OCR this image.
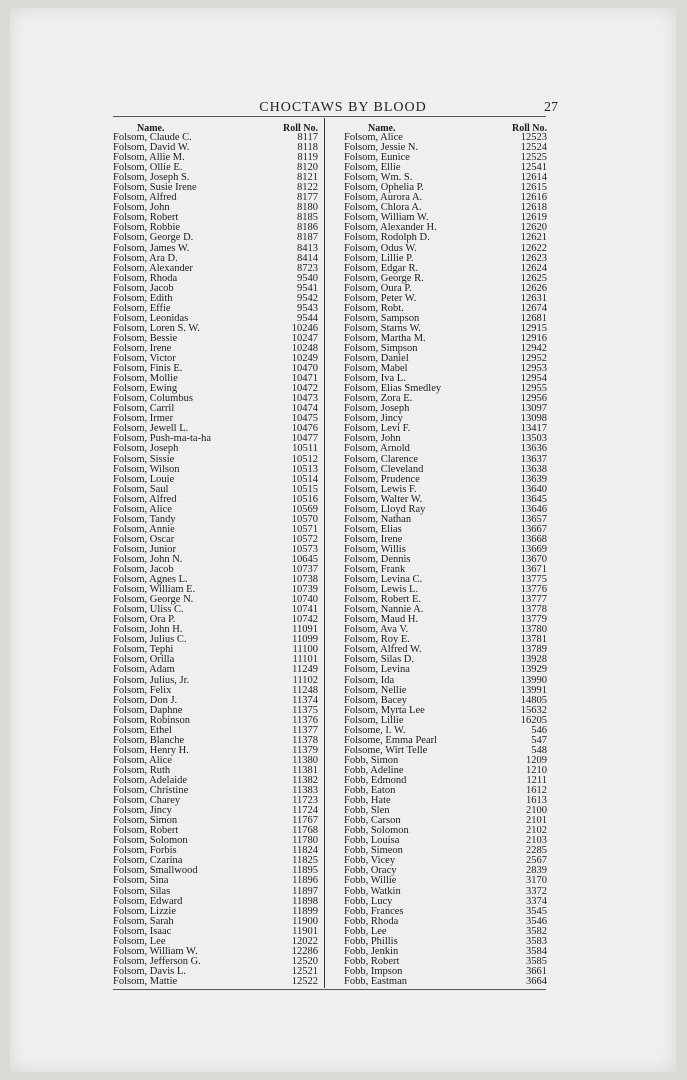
CHOCTAWS BY BLOOD	27
Name.	Roll No.
Folsom, Claude C.	8117
Folsom, David W.	8118
Folsom, Allie M.	8119
Folsom, Ollie E.	8120
Folsom, Joseph S.	8121
Folsom, Susie Irene	8122
Folsom, Alfred	8177
Folsom, John	8180
Folsom, Robert	8185
Folsom, Robbie	8186
Folsom, George D.	8187
Folsom, James W.	8413
Folsom, Ara D.	8414
Folsom, Alexander	8723
Folsom, Rhoda	9540
Folsom, Jacob	9541
Folsom, Edith	9542
Folsom, Effie	9543
Folsom, Leonidas	9544
Folsom, Loren S. W.	10246
Folsom, Bessie	10247
Folsom, Irene	10248
Folsom, Victor	10249
Folsom, Finis E.	10470
Folsom, Mollie	10471
Folsom, Ewing	10472
Folsom, Columbus	10473
Folsom, Carril	10474
Folsom, Irmer	10475
Folsom, Jewell L.	10476
Folsom, Push-ma-ta-ha	10477
Folsom, Joseph	10511
Folsom, Sissie	10512
Folsom, Wilson	10513
Folsom, Louie	10514
Folsom, Saul	10515
Folsom, Alfred	10516
Folsom, Alice	10569
Folsom, Tandy	10570
Folsom, Annie	10571
Folsom, Oscar	10572
Folsom, Junior	10573
Folsom, John N.	10645
Folsom, Jacob	10737
Folsom, Agnes L.	10738
Folsom, William E.	10739
Folsom, George N.	10740
Folsom, Uliss C.	10741
Folsom, Ora P.	10742
Folsom, John H.	11091
Folsom, Julius C.	11099
Folsom, Tephi	11100
Folsom, Orilla	11101
Folsom, Adam	11249
Folsom, Julius, Jr.	11102
Folsom, Felix	11248
Folsom, Don J.	11374
Folsom, Daphne	11375
Folsom, Robinson	11376
Folsom, Ethel	11377
Folsom, Blanche	11378
Folsom, Henry H.	11379
Folsom, Alice	11380
Folsom, Ruth	11381
Folsom, Adelaide	11382
Folsom, Christine	11383
Folsom, Charey	11723
Folsom, Jincy	11724
Folsom, Simon	11767
Folsom, Robert	11768
Folsom, Solomon	11780
Folsom, Forbis	11824
Folsom, Czarina	11825
Folsom, Smallwood	11895
Folsom, Sina	11896
Folsom, Silas	11897
Folsom, Edward	11898
Folsom, Lizzie	11899
Folsom, Sarah	11900
Folsom, Isaac	11901
Folsom, Lee	12022
Folsom, William W.	12286
Folsom, Jefferson G.	12520
Folsom, Davis L.	12521
Folsom, Mattie	12522
Name.	Roll No.
Folsom, Alice	12523
Folsom, Jessie N.	12524
Folsom, Eunice	12525
Folsom, Ellie	12541
Folsom, Wm. S.	12614
Folsom, Ophelia P.	12615
Folsom, Aurora A.	12616
Folsom, Chlora A.	12618
Folsom, William W.	12619
Folsom, Alexander H.	12620
Folsom, Rodolph D.	12621
Folsom, Odus W.	12622
Folsom, Lillie P.	12623
Folsom, Edgar R.	12624
Folsom, George R.	12625
Folsom, Oura P.	12626
Folsom, Peter W.	12631
Folsom, Robt.	12674
Folsom, Sampson	12681
Folsom, Starns W.	12915
Folsom, Martha M.	12916
Folsom, Simpson	12942
Folsom, Daniel	12952
Folsom, Mabel	12953
Folsom, Iva L.	12954
Folsom, Elias Smedley	12955
Folsom, Zora E.	12956
Folsom, Joseph	13097
Folsom, Jincy	13098
Folsom, Levi F.	13417
Folsom, John	13503
Folsom, Arnold	13636
Folsom, Clarence	13637
Folsom, Cleveland	13638
Folsom, Prudence	13639
Folsom, Lewis F.	13640
Folsom, Walter W.	13645
Folsom, Lloyd Ray	13646
Folsom, Nathan	13657
Folsom, Elias	13667
Folsom, Irene	13668
Folsom, Willis	13669
Folsom, Dennis	13670
Folsom, Frank	13671
Folsom, Levina C.	13775
Folsom, Lewis L.	13776
Folsom, Robert E.	13777
Folsom, Nannie A.	13778
Folsom, Maud H.	13779
Folsom, Ava V.	13780
Folsom, Roy E.	13781
Folsom, Alfred W.	13789
Folsom, Silas D.	13928
Folsom, Levina	13929
Folsom, Ida	13990
Folsom, Nellie	13991
Folsom, Bacey	14805
Folsom, Myrta Lee	15632
Folsom, Lillie	16205
Folsome, I. W.	546
Folsome, Emma Pearl	547
Folsome, Wirt Telle	548
Fobb, Simon	1209
Fobb, Adeline	1210
Fobb, Edmond	1211
Fobb, Eaton	1612
Fobb, Hate	1613
Fobb, Slen	2100
Fobb, Carson	2101
Fobb, Solomon	2102
Fobb, Louisa	2103
Fobb, Simeon	2285
Fobb, Vicey	2567
Fobb, Oracy	2839
Fobb, Willie	3170
Fobb, Watkin	3372
Fobb, Lucy	3374
Fobb, Frances	3545
Fobb, Rhoda	3546
Fobb, Lee	3582
Fobb, Phillis	3583
Fobb, Jenkin	3584
Fobb, Robert	3585
Fobb, Impson	3661
Fobb, Eastman	3664
